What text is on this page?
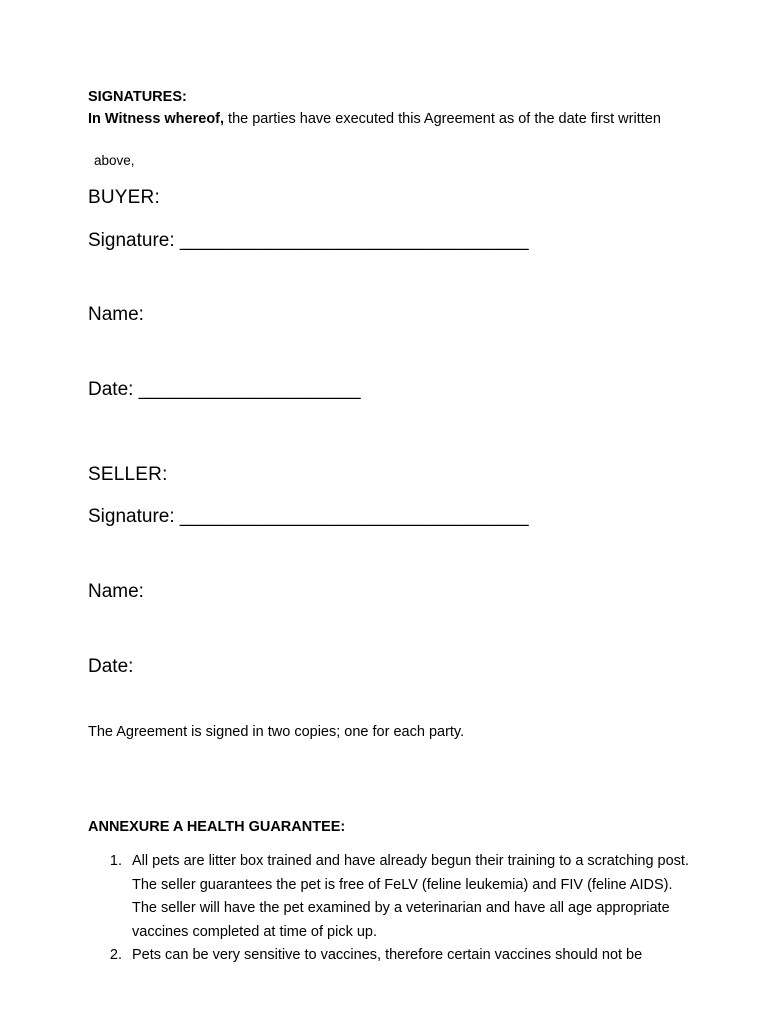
SIGNATURES:

In Witness whereof, the parties have executed this Agreement as of the date first written

above,

BUYER:

Signature: _________________________________

Name:

Date: _____________________

SELLER:

Signature: _________________________________

Name:

Date:

The Agreement is signed in two copies; one for each party.

ANNEXURE A HEALTH GUARANTEE:

1. All pets are litter box trained and have already begun their training to a scratching post. The seller guarantees the pet is free of FeLV (feline leukemia) and FIV (feline AIDS). The seller will have the pet examined by a veterinarian and have all age appropriate vaccines completed at time of pick up.
2. Pets can be very sensitive to vaccines, therefore certain vaccines should not be
